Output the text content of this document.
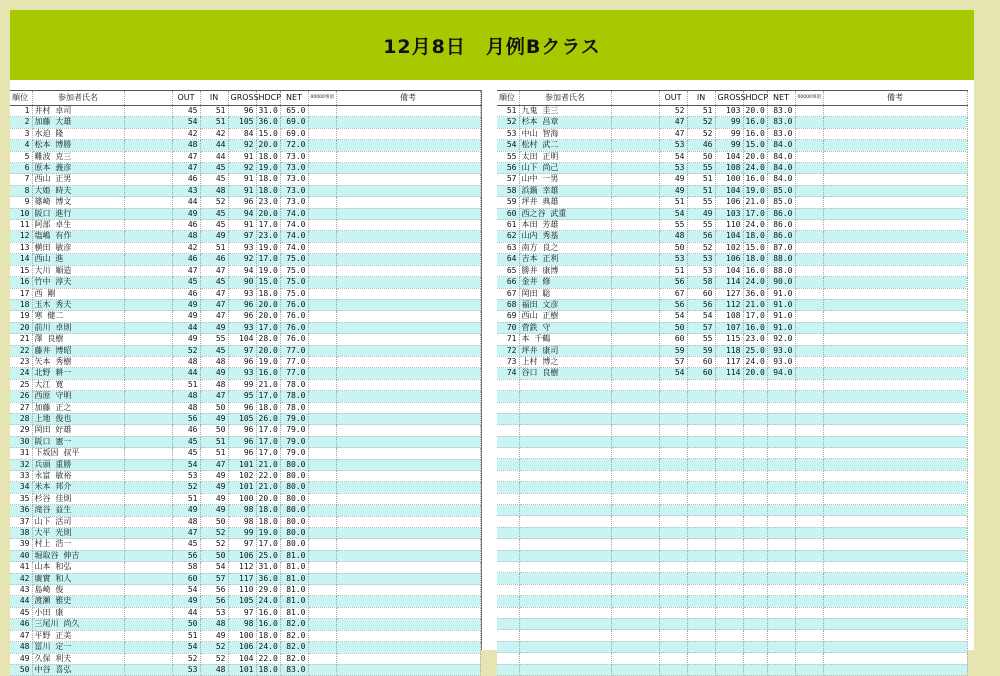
12月8日　月例Bクラス
順位	参加者氏名		OUT	IN	GROSS	HDCP	NET	00000事項	備考
1	井村 卓司		45	51	96	31.0	65.0		
2	加藤 大雄		54	51	105	36.0	69.0		
3	水迫 隆		42	42	84	15.0	69.0		
4	松本 博勝		48	44	92	20.0	72.0		
5	難波 克三		47	44	91	18.0	73.0		
6	原本 義彦		47	45	92	19.0	73.0		
7	西山 正男		46	45	91	18.0	73.0		
8	大姫 時夫		43	48	91	18.0	73.0		
9	篠崎 博文		44	52	96	23.0	73.0		
10	阪口 進行		49	45	94	20.0	74.0		
11	阿部 卓生		46	45	91	17.0	74.0		
12	塩嶋 有作		48	49	97	23.0	74.0		
13	横田 敏彦		42	51	93	19.0	74.0		
14	西山 進		46	46	92	17.0	75.0		
15	大川 順造		47	47	94	19.0	75.0		
16	竹中 淳夫		45	45	90	15.0	75.0		
17	西 剛		46	47	93	18.0	75.0		
18	玉木 秀夫		49	47	96	20.0	76.0		
19	寒 健二		49	47	96	20.0	76.0		
20	前川 卓則		44	49	93	17.0	76.0		
21	澤 良樹		49	55	104	28.0	76.0		
22	藤井 博昭		52	45	97	20.0	77.0		
23	矢本 秀樹		48	48	96	19.0	77.0		
24	北野 耕一		44	49	93	16.0	77.0		
25	大江 寛		51	48	99	21.0	78.0		
26	西原 守明		48	47	95	17.0	78.0		
27	加藤 正之		48	50	96	18.0	78.0		
28	上地 俊也		56	49	105	26.0	79.0		
29	岡田 好雄		46	50	96	17.0	79.0		
30	阪口 憲一		45	51	96	17.0	79.0		
31	下坂因 叔平		45	51	96	17.0	79.0		
32	兵頭 重勝		54	47	101	21.0	80.0		
33	永富 敏裕		53	49	102	22.0	80.0		
34	米本 邦介		52	49	101	21.0	80.0		
35	杉谷 佳則		51	49	100	20.0	80.0		
36	滝谷 益生		49	49	98	18.0	80.0		
37	山下 活司		48	50	98	18.0	80.0		
38	大平 光則		47	52	99	19.0	80.0		
39	村上 浩一		45	52	97	17.0	80.0		
40	堀取谷 伸吉		56	50	106	25.0	81.0		
41	山本 和弘		58	54	112	31.0	81.0		
42	廣實 和人		60	57	117	36.0	81.0		
43	島崎 俊		54	56	110	29.0	81.0		
44	渡瀬 雅史		49	56	105	24.0	81.0		
45	小田 康		44	53	97	16.0	81.0		
46	三尾川 尚久		50	48	98	16.0	82.0		
47	平野 正美		51	49	100	18.0	82.0		
48	冨川 定一		54	52	106	24.0	82.0		
49	久保 利夫		52	52	104	22.0	82.0		
50	中谷 喜弘		53	48	101	18.0	83.0		
順位	参加者氏名		OUT	IN	GROSS	HDCP	NET	00000事項	備考
51	九鬼 圭三		52	51	103	20.0	83.0		
52	杉本 昌章		47	52	99	16.0	83.0		
53	中山 智海		47	52	99	16.0	83.0		
54	松村 武二		53	46	99	15.0	84.0		
55	太田 正明		54	50	104	20.0	84.0		
56	山下 尚己		53	55	108	24.0	84.0		
57	山中 一男		49	51	100	16.0	84.0		
58	浜鍋 幸雄		49	51	104	19.0	85.0		
59	坪井 典雄		51	55	106	21.0	85.0		
60	西之谷 武重		54	49	103	17.0	86.0		
61	本田 芳雄		55	55	110	24.0	86.0		
62	山内 秀基		48	56	104	18.0	86.0		
63	南方 良之		50	52	102	15.0	87.0		
64	吉本 正利		53	53	106	18.0	88.0		
65	勝井 康博		51	53	104	16.0	88.0		
66	金井 修		56	58	114	24.0	90.0		
67	岡田 聡		67	60	127	36.0	91.0		
68	福田 文彦		56	56	112	21.0	91.0		
69	西山 正樹		54	54	108	17.0	91.0		
70	菅鉄 守		50	57	107	16.0	91.0		
71	本 千鶴		60	55	115	23.0	92.0		
72	坪井 康司		59	59	118	25.0	93.0		
73	上村 博之		57	60	117	24.0	93.0		
74	谷口 良樹		54	60	114	20.0	94.0		
